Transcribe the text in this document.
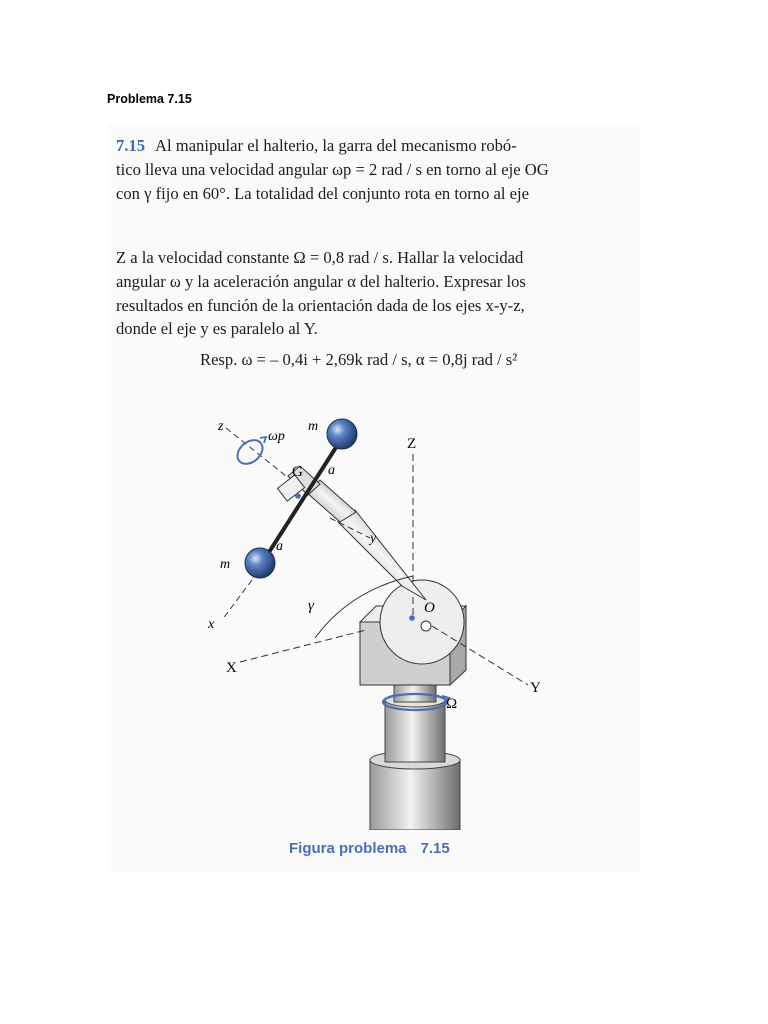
Problema 7.15
7.15 Al manipular el halterio, la garra del mecanismo robó-
tico lleva una velocidad angular ωp = 2 rad / s en torno al eje OG
con γ fijo en 60°. La totalidad del conjunto rota en torno al eje
Z a la velocidad constante Ω = 0,8 rad / s. Hallar la velocidad
angular ω y la aceleración angular α del halterio. Expresar los
resultados en función de la orientación dada de los ejes x-y-z,
donde el eje y es paralelo al Y.
Resp. ω = – 0,4i + 2,69k rad / s, α = 0,8j rad / s²
z
ωp
m
Z
G a
y
a
m
O
γ
x
X
Y
Ω
Figura problema 7.15
